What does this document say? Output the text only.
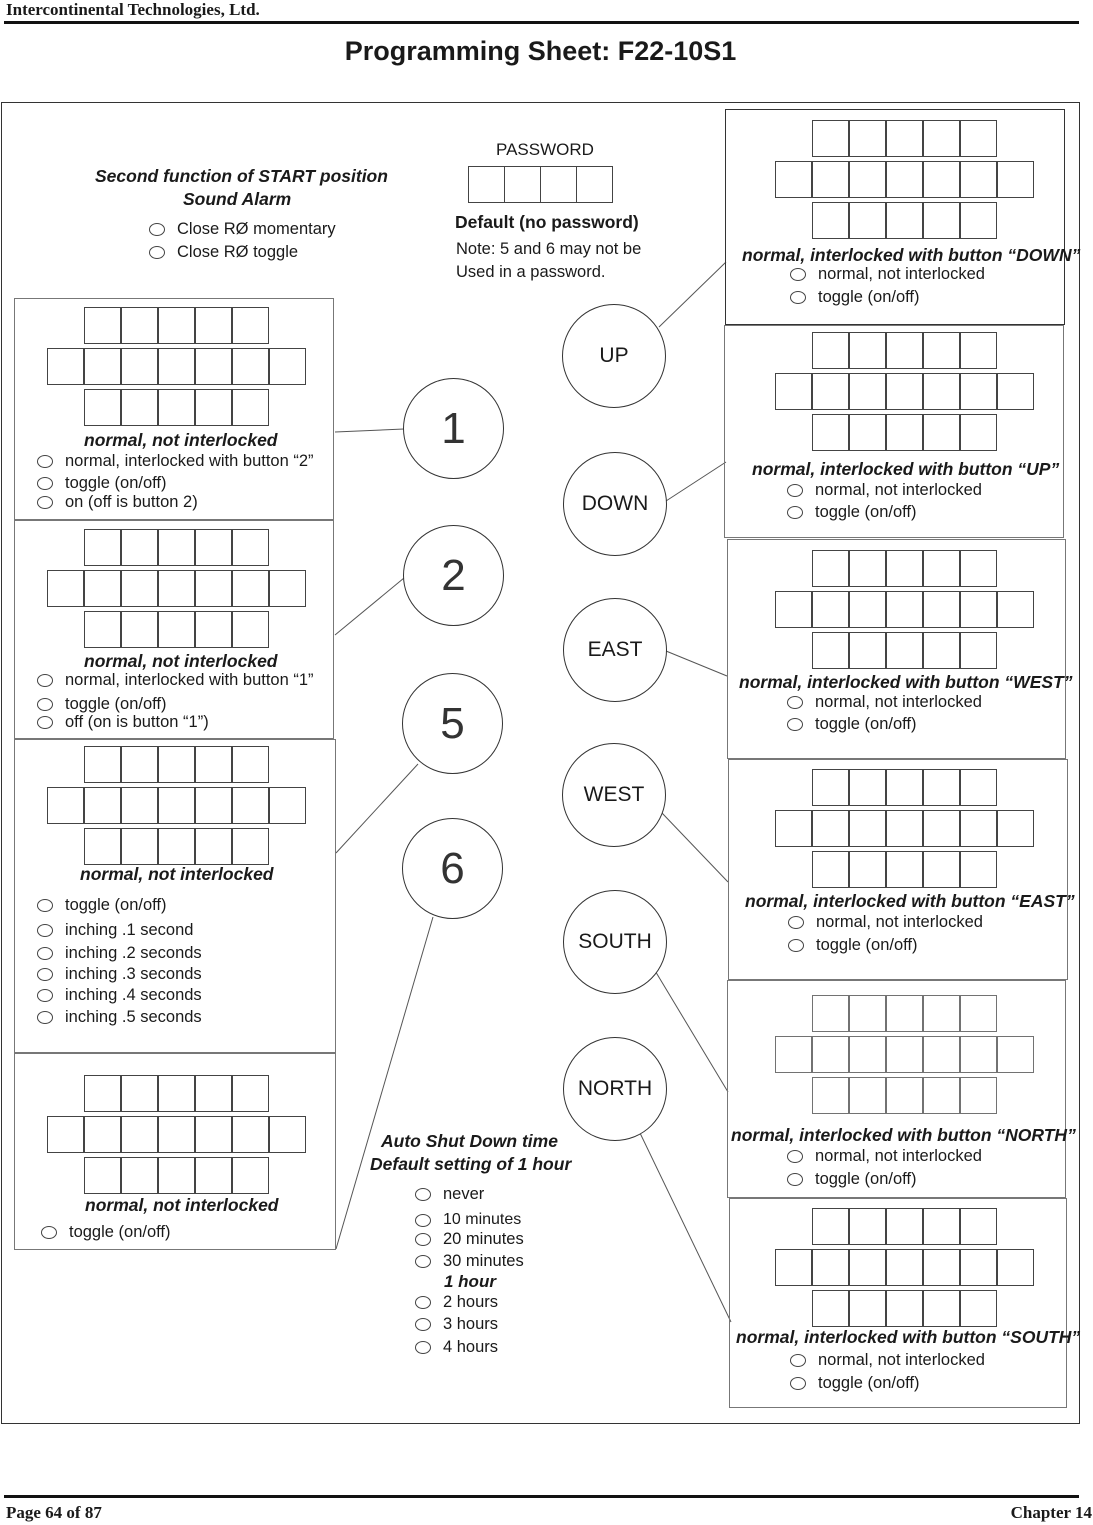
Intercontinental Technologies, Ltd.
Programming Sheet: F22-10S1
Second function of START position
Sound Alarm
Close RØ momentary
Close RØ toggle
PASSWORD
Default (no password)
Note: 5 and 6 may not be
Used in a password.
normal, not interlocked
normal, interlocked with button “2”
toggle (on/off)
on (off is button 2)
normal, not interlocked
normal, interlocked with button “1”
toggle (on/off)
off (on is button “1”)
normal, not interlocked
toggle (on/off)
inching .1 second
inching .2 seconds
inching .3 seconds
inching .4 seconds
inching .5 seconds
normal, not interlocked
toggle (on/off)
normal, interlocked with button “DOWN”
normal, not interlocked
toggle (on/off)
normal, interlocked with button “UP”
normal, not interlocked
toggle (on/off)
normal, interlocked with button “WEST”
normal, not interlocked
toggle (on/off)
normal, interlocked with button “EAST”
normal, not interlocked
toggle (on/off)
normal, interlocked with button “NORTH”
normal, not interlocked
toggle (on/off)
normal, interlocked with button “SOUTH”
normal, not interlocked
toggle (on/off)
1
2
5
6
UP
DOWN
EAST
WEST
SOUTH
NORTH
Auto Shut Down time
Default setting of 1 hour
never
10 minutes
20 minutes
30 minutes
1 hour
2 hours
3 hours
4 hours
Page 64 of 87	Chapter 14
